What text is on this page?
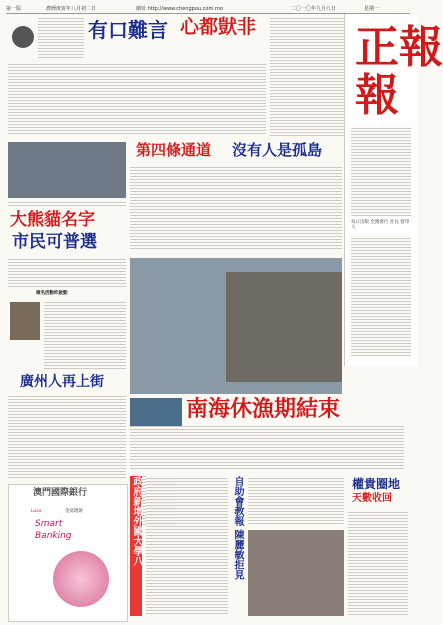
第一版	農曆庚寅年八月初二日	網址 http://www.chengpou.com.mo	二〇一〇年九月九日	星期一
有口難言 心都獃非 正報
報
每日出版 全澳發行 社長 督印人
第四條通道 沒有人是孤島
大熊貓名字
市民可普選
徵名活動昨啟動
廣州人再上街
南海休漁期結束
澳門國際銀行
Luso	金富理財
Smart
Banking	政府新增外國大學八	自助會教報 陳麗敏拒見	權貴圈地
天數收回
